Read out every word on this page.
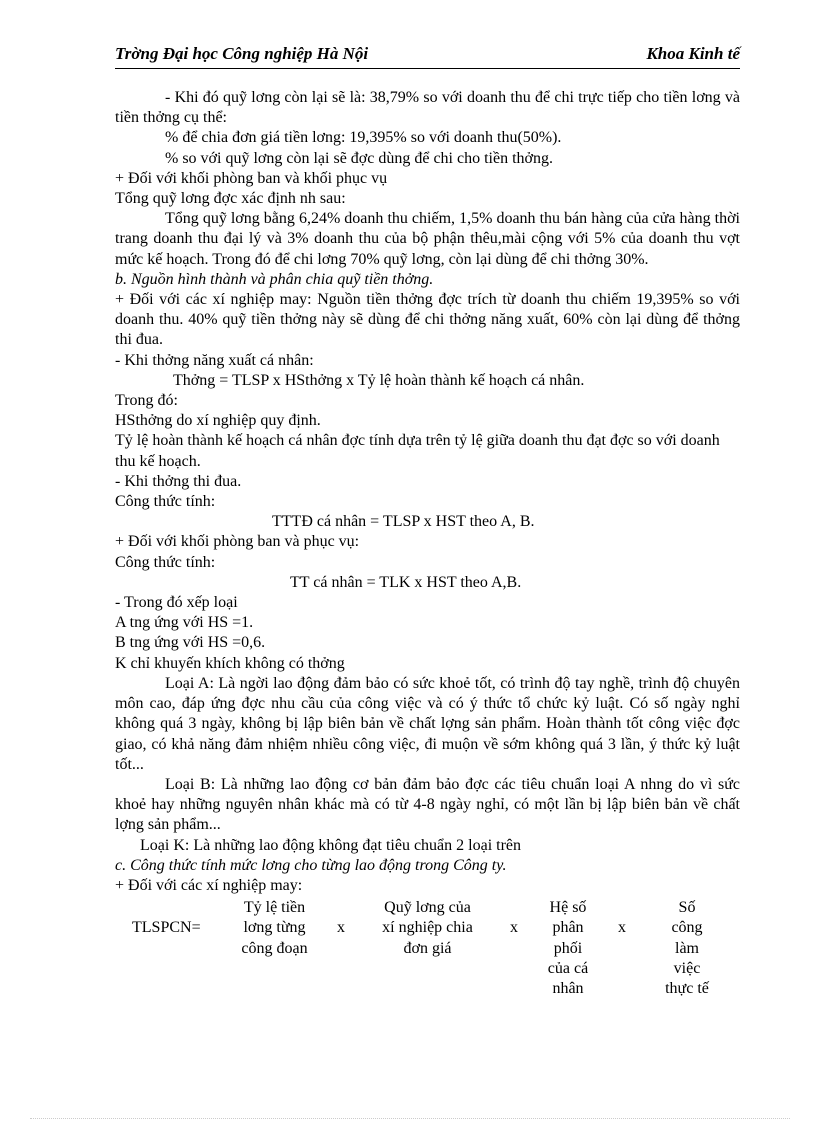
Trờng Đại học Công nghiệp Hà Nội	Khoa Kinh tế

- Khi đó quỹ lơng còn lại sẽ là: 38,79% so với doanh thu để chi trực tiếp cho tiền lơng và tiền thởng cụ thể:

% để chia đơn giá tiền lơng: 19,395% so với doanh thu(50%).

% so với quỹ lơng còn lại sẽ đợc dùng để chi cho tiền thởng.

+ Đối với khối phòng ban và khối phục vụ

Tổng quỹ lơng đợc xác định nh sau:

Tổng quỹ lơng bằng 6,24% doanh thu chiếm, 1,5% doanh thu bán hàng của cửa hàng thời trang doanh thu đại lý và 3% doanh thu của bộ phận thêu,mài cộng với 5% của doanh thu vợt mức kế hoạch. Trong đó để chi lơng 70% quỹ lơng, còn lại dùng để chi thởng 30%.

b. Nguồn hình thành và phân chia quỹ tiền thởng.

+ Đối với các xí nghiệp may: Nguồn tiền thởng đợc trích từ doanh thu chiếm 19,395% so với doanh thu. 40% quỹ tiền thởng này sẽ dùng để chi thởng năng xuất, 60% còn lại dùng để thởng thi đua.

- Khi thởng năng xuất cá nhân:

Thởng = TLSP x HSthởng x Tỷ lệ hoàn thành kế hoạch cá nhân.

Trong đó:

HSthởng do xí nghiệp quy định.

Tỷ lệ hoàn thành kế hoạch cá nhân đợc tính dựa trên tỷ lệ giữa doanh thu đạt đợc so với doanh thu kế hoạch.

- Khi thởng thi đua.

Công thức tính:

TTTĐ cá nhân = TLSP x HST theo A, B.

+ Đối với khối phòng ban và phục vụ:

Công thức tính:

TT cá nhân = TLK x HST theo A,B.

- Trong đó xếp loại

A tng ứng với HS =1.

B tng ứng với HS =0,6.

K chỉ khuyến khích không có thởng

Loại A: Là ngời lao động đảm bảo có sức khoẻ tốt, có trình độ tay nghề, trình độ chuyên môn cao, đáp ứng đợc nhu cầu của công việc và có ý thức tổ chức kỷ luật. Có số ngày nghỉ không quá 3 ngày, không bị lập biên bản về chất lợng sản phẩm. Hoàn thành tốt công việc đợc giao, có khả năng đảm nhiệm nhiều công việc, đi muộn về sớm không quá 3 lần, ý thức kỷ luật tốt...

Loại B: Là những lao động cơ bản đảm bảo đợc các tiêu chuẩn loại A nhng do vì sức khoẻ hay những nguyên nhân khác mà có từ 4-8 ngày nghỉ, có một lần bị lập biên bản về chất lợng sản phẩm...

Loại K: Là những lao động không đạt tiêu chuẩn 2 loại trên

c. Công thức tính mức lơng cho từng lao động trong Công ty.

+ Đối với các xí nghiệp may:

TLSPCN=
Tỷ lệ tiền
lơng từng
công đoạn
x
Quỹ lơng của
xí nghiệp chia
đơn giá
x
Hệ số
phân
phối
của cá
nhân
x
Số
công
làm
việc
thực tế
